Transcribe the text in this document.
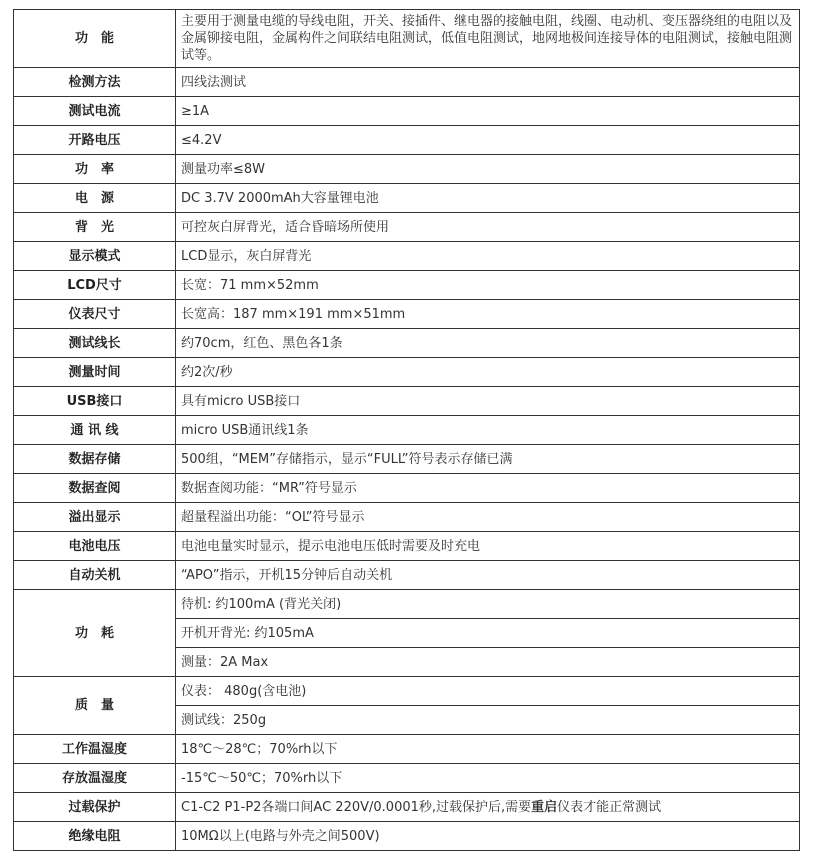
功　能	主要用于测量电缆的导线电阻，开关、接插件、继电器的接触电阻，线圈、电动机、变压器绕组的电阻以及金属铆接电阻，金属构件之间联结电阻测试，低值电阻测试，地网地极间连接导体的电阻测试，接触电阻测试等。
检测方法	四线法测试
测试电流	≥1A
开路电压	≤4.2V
功　率	测量功率≤8W
电　源	DC 3.7V 2000mAh大容量锂电池
背　光	可控灰白屏背光，适合昏暗场所使用
显示模式	LCD显示，灰白屏背光
LCD尺寸	长宽：71 mm×52mm
仪表尺寸	长宽高：187 mm×191 mm×51mm
测试线长	约70cm，红色、黑色各1条
测量时间	约2次/秒
USB接口	具有micro USB接口
通 讯 线	micro USB通讯线1条
数据存储	500组，“MEM”存储指示，显示“FULL”符号表示存储已满
数据查阅	数据查阅功能：“MR”符号显示
溢出显示	超量程溢出功能：“OL”符号显示
电池电压	电池电量实时显示，提示电池电压低时需要及时充电
自动关机	“APO”指示，开机15分钟后自动关机
功　耗	待机: 约100mA (背光关闭)
	开机开背光: 约105mA
	测量：2A Max
质　量	仪表： 480g(含电池)
	测试线：250g
工作温湿度	18℃～28℃；70%rh以下
存放温湿度	-15℃～50℃；70%rh以下
过载保护	C1-C2 P1-P2各端口间AC 220V/0.0001秒,过载保护后,需要重启仪表才能正常测试
绝缘电阻	10MΩ以上(电路与外壳之间500V)
